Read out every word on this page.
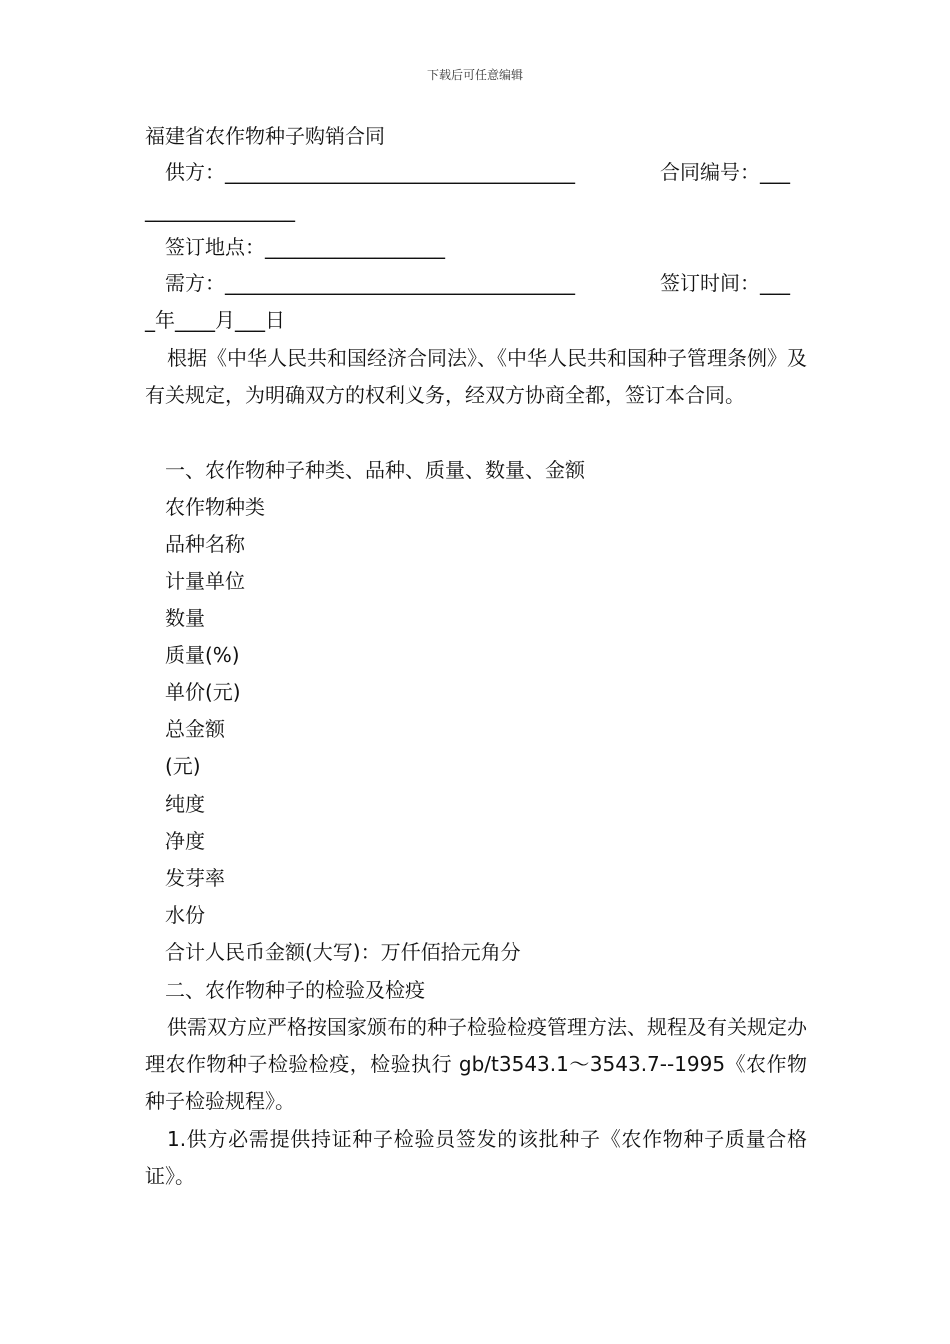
下载后可任意编辑
福建省农作物种子购销合同
供方：___________________________________	合同编号：___
_______________
签订地点：__________________
需方：___________________________________	签订时间：___
_年____月___日
根据《中华人民共和国经济合同法》、《中华人民共和国种子管理条例》及有关规定，为明确双方的权利义务，经双方协商全都，签订本合同。
一、农作物种子种类、品种、质量、数量、金额
农作物种类
品种名称
计量单位
数量
质量(%)
单价(元)
总金额
(元)
纯度
净度
发芽率
水份
合计人民币金额(大写)：万仟佰拾元角分
二、农作物种子的检验及检疫
供需双方应严格按国家颁布的种子检验检疫管理方法、规程及有关规定办理农作物种子检验检疫，检验执行 gb/t3543.1～3543.7--1995《农作物种子检验规程》。
1.供方必需提供持证种子检验员签发的该批种子《农作物种子质量合格证》。
